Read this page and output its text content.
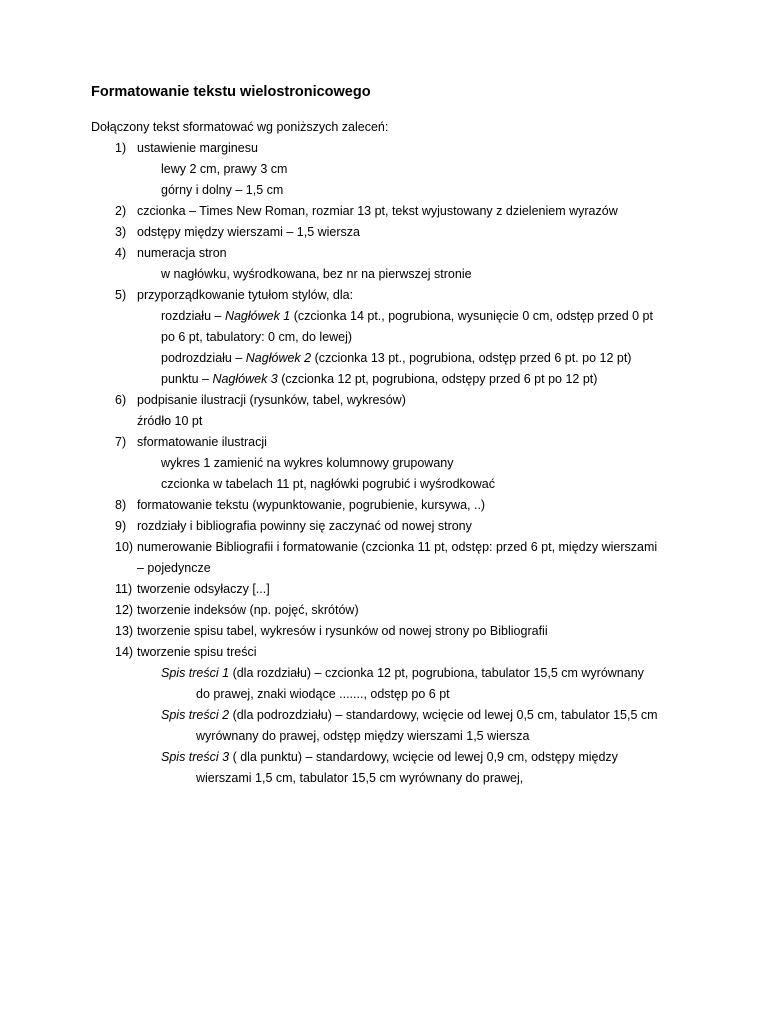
Formatowanie tekstu wielostronicowego
Dołączony tekst sformatować wg poniższych zaleceń:
1) ustawienie marginesu
lewy 2 cm, prawy 3 cm
górny i dolny – 1,5 cm
2) czcionka – Times New Roman, rozmiar 13 pt, tekst wyjustowany z dzieleniem wyrazów
3) odstępy między wierszami – 1,5 wiersza
4) numeracja stron
w nagłówku, wyśrodkowana, bez nr na pierwszej stronie
5) przyporządkowanie tytułom stylów, dla:
rozdziału – Nagłówek 1 (czcionka 14 pt., pogrubiona, wysunięcie 0 cm, odstęp przed 0 pt
po 6 pt, tabulatory: 0 cm, do lewej)
podrozdziału – Nagłówek 2 (czcionka 13 pt., pogrubiona, odstęp przed 6 pt. po 12 pt)
punktu – Nagłówek 3 (czcionka 12 pt, pogrubiona, odstępy przed 6 pt po 12 pt)
6) podpisanie ilustracji (rysunków, tabel, wykresów)
źródło 10 pt
7) sformatowanie ilustracji
wykres 1 zamienić na wykres kolumnowy grupowany
czcionka w tabelach 11 pt, nagłówki pogrubić i wyśrodkować
8) formatowanie tekstu (wypunktowanie, pogrubienie, kursywa, ..)
9) rozdziały i bibliografia powinny się zaczynać od nowej strony
10) numerowanie Bibliografii i formatowanie (czcionka 11 pt, odstęp: przed 6 pt, między wierszami
– pojedyncze
11) tworzenie odsyłaczy [...]
12) tworzenie indeksów (np. pojęć, skrótów)
13) tworzenie spisu tabel, wykresów i rysunków od nowej strony po Bibliografii
14) tworzenie spisu treści
Spis treści 1 (dla rozdziału) – czcionka 12 pt, pogrubiona, tabulator 15,5 cm wyrównany
do prawej, znaki wiodące ......., odstęp po 6 pt
Spis treści 2 (dla podrozdziału) – standardowy, wcięcie od lewej 0,5 cm, tabulator 15,5 cm
wyrównany do prawej, odstęp między wierszami 1,5 wiersza
Spis treści 3 ( dla punktu) – standardowy, wcięcie od lewej 0,9 cm, odstępy między
wierszami 1,5 cm, tabulator 15,5 cm wyrównany do prawej,
